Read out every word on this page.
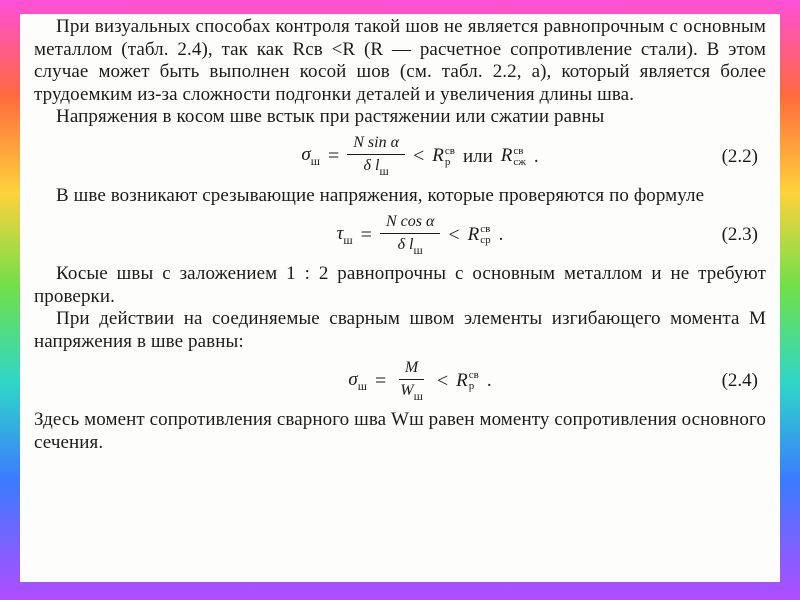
При визуальных способах контроля такой шов не является равнопрочным с основным металлом (табл. 2.4), так как Rсв <R (R — расчетное сопротивление стали). В этом случае может быть выполнен косой шов (см. табл. 2.2, а), который является более трудоемким из-за сложности подгонки деталей и увеличения длины шва.

Напряжения в косом шве встык при растяжении или сжатии равны

$\sigma_ш = \frac{\text{N sin α}}{\delta l_ш} < R$ св
р или R св
сж .	(2.2)

В шве возникают срезывающие напряжения, которые проверяются по формуле

$\tau_ш = \frac{\text{N cos α}}{\delta l_ш} < R$ св
ср .	(2.3)

Косые швы с заложением 1 : 2 равнопрочны с основным металлом и не требуют проверки.

При действии на соединяемые сварным швом элементы изгибающего момента M напряжения в шве равны:

$\sigma_ш = \frac{M}{W_ш} < R$ св
р .	(2.4)

Здесь момент сопротивления сварного шва Wш равен моменту сопротивления основного сечения.
